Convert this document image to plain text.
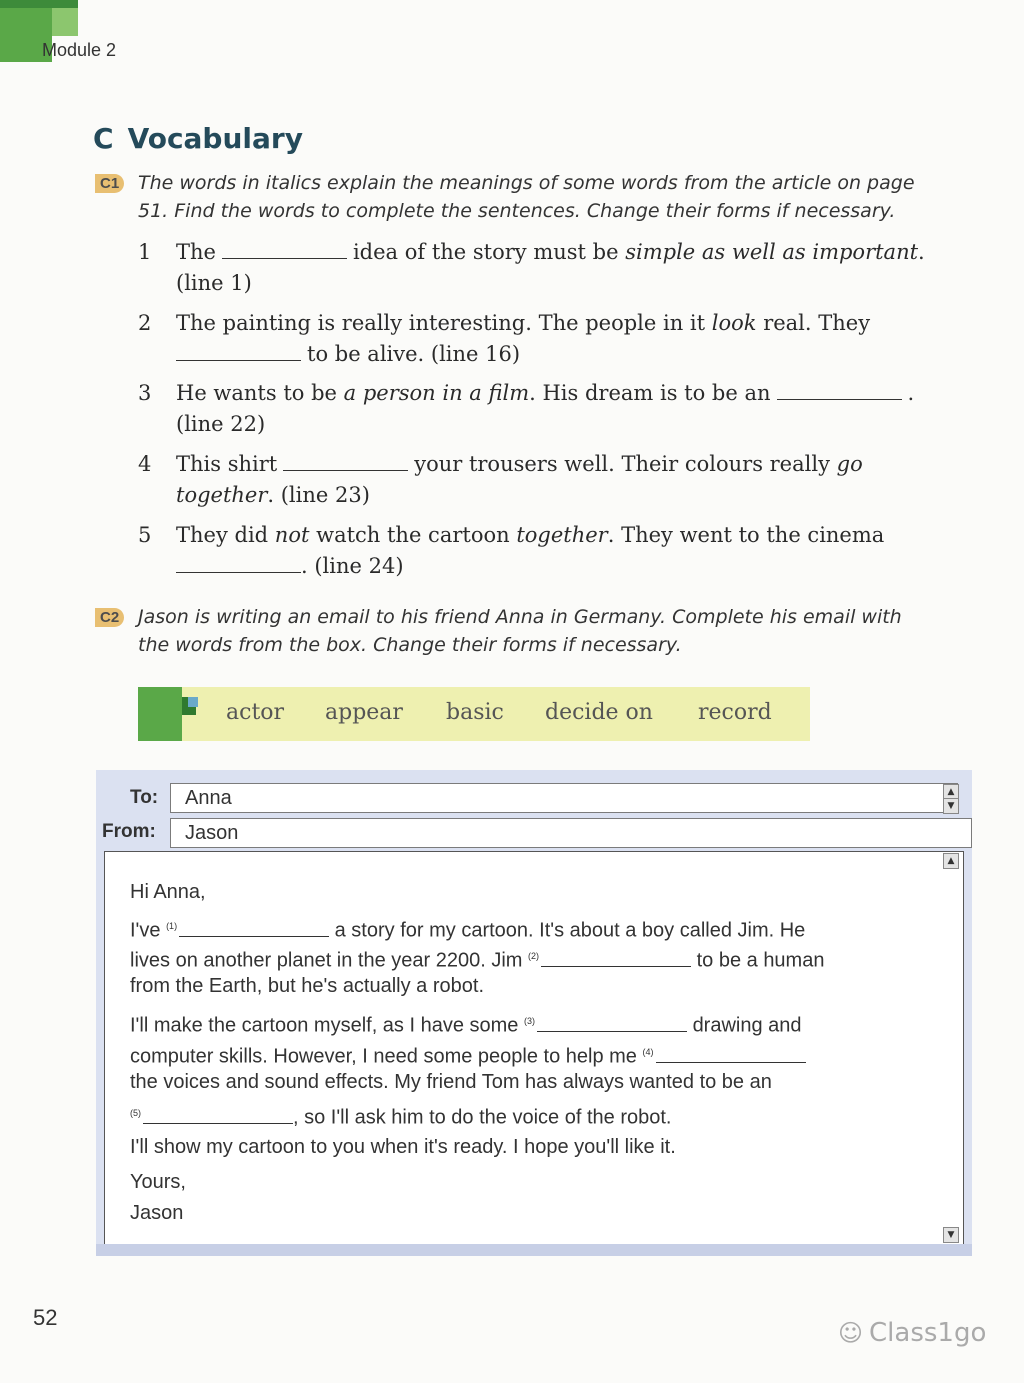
Module 2
C Vocabulary
C1 The words in italics explain the meanings of some words from the article on page
51. Find the words to complete the sentences. Change their forms if necessary.
1 The	idea of the story must be simple as well as important.
(line 1)
2 The painting is really interesting. The people in it look real. They
to be alive. (line 16)
3 He wants to be a person in a film. His dream is to be an	.
(line 22)
4 This shirt	your trousers well. Their colours really go
together. (line 23)
5 They did not watch the cartoon together. They went to the cinema
. (line 24)
C2 Jason is writing an email to his friend Anna in Germany. Complete his email with
the words from the box. Change their forms if necessary.
actor appear basic decide on record
To:	Anna	▲
▼
From:	Jason
▲
▼
Hi Anna,
I've $^{(1)}$	a story for my cartoon. It's about a boy called Jim. He
lives on another planet in the year 2200. Jim $^{(2)}$	to be a human
from the Earth, but he's actually a robot.
I'll make the cartoon myself, as I have some $^{(3)}$	drawing and
computer skills. However, I need some people to help me $^{(4)}$
the voices and sound effects. My friend Tom has always wanted to be an
$^{(5)}$	, so I'll ask him to do the voice of the robot.
I'll show my cartoon to you when it's ready. I hope you'll like it.
Yours,
Jason
52
☺ Class1go
